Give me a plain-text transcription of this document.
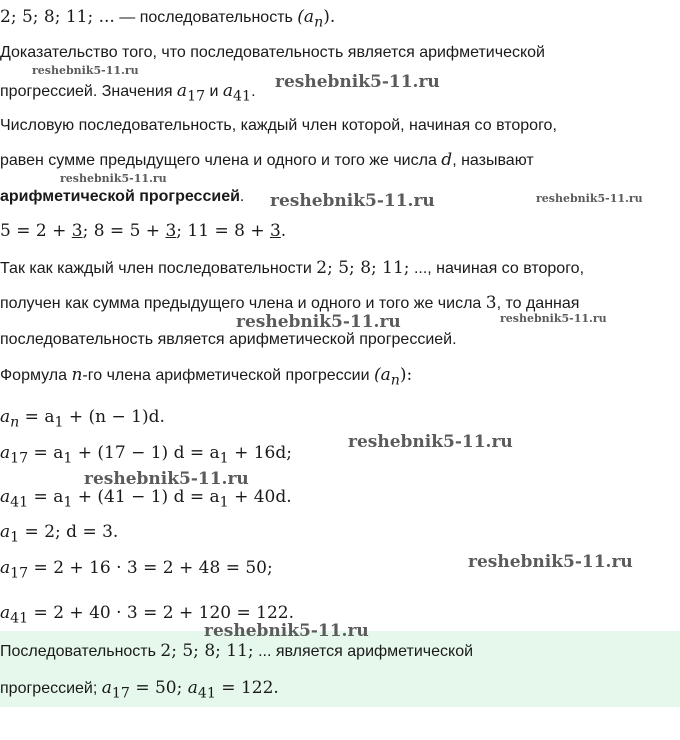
2; 5; 8; 11; ... — последовательность $(a_n)$.
Доказательство того, что последовательность является арифметической
прогрессией. Значения $a_{17}$ и $a_{41}$.
Числовую последовательность, каждый член которой, начиная со второго,
равен сумме предыдущего члена и одного и того же числа d, называют
арифметической прогрессией.
5 = 2 + 3; 8 = 5 + 3; 11 = 8 + 3.
Так как каждый член последовательности 2; 5; 8; 11; ..., начиная со второго,
получен как сумма предыдущего члена и одного и того же числа 3, то данная
последовательность является арифметической прогрессией.
Формула n-го члена арифметической прогрессии $(a_n)$:
$a_n = a_1 + (n - 1)d$.
$a_{17} = a_1 + (17 - 1) d = a_1 + 16d$;
$a_{41} = a_1 + (41 - 1) d = a_1 + 40d$.
$a_1 = 2$; d = 3.
$a_{17} = 2 + 16 \cdot 3 = 2 + 48 = 50$;
$a_{41} = 2 + 40 \cdot 3 = 2 + 120 = 122$.
Последовательность 2; 5; 8; 11; ... является арифметической
прогрессией; $a_{17} = 50$; $a_{41} = 122$.
reshebnik5-11.ru
reshebnik5-11.ru
reshebnik5-11.ru
reshebnik5-11.ru	reshebnik5-11.ru
reshebnik5-11.ru	reshebnik5-11.ru
reshebnik5-11.ru
reshebnik5-11.ru
reshebnik5-11.ru
reshebnik5-11.ru
